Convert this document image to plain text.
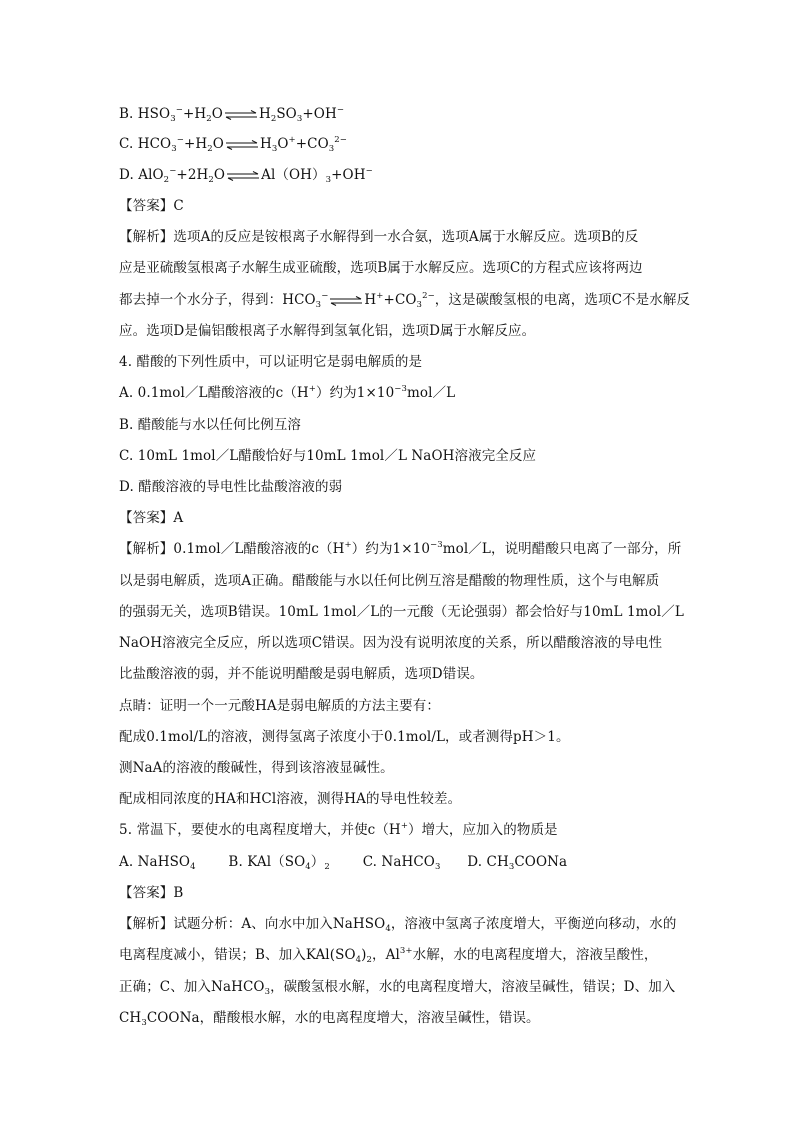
B. $HSO_3^-+H_2O\rightleftharpoons H_2SO_3+OH^-$
C. $HCO_3^-+H_2O\rightleftharpoons H_3O^++CO_3^{2-}$
D. $AlO_2^-+2H_2O\rightleftharpoons Al(OH)_3+OH^-$
【答案】C
【解析】选项A的反应是铵根离子水解得到一水合氨，选项A属于水解反应。选项B的反
应是亚硫酸氢根离子水解生成亚硫酸，选项B属于水解反应。选项C的方程式应该将两边
都去掉一个水分子，得到：$HCO_3^-\rightleftharpoons H^++CO_3^{2-}$，这是碳酸氢根的电离，选项C不是水解反
应。选项D是偏铝酸根离子水解得到氢氧化铝，选项D属于水解反应。
4. 醋酸的下列性质中，可以证明它是弱电解质的是
A. 0.1mol／L醋酸溶液的c（H+）约为$1\times 10^{-3}mol/L$
B. 醋酸能与水以任何比例互溶
C. 10mL 1mol／L醋酸恰好与10mL 1mol／L NaOH溶液完全反应
D. 醋酸溶液的导电性比盐酸溶液的弱
【答案】A
【解析】0.1mol／L醋酸溶液的c（H+）约为$1\times 10^{-3}mol/L$，说明醋酸只电离了一部分，所
以是弱电解质，选项A正确。醋酸能与水以任何比例互溶是醋酸的物理性质，这个与电解质
的强弱无关，选项B错误。10mL 1mol／L的一元酸（无论强弱）都会恰好与10mL 1mol／L
NaOH溶液完全反应，所以选项C错误。因为没有说明浓度的关系，所以醋酸溶液的导电性
比盐酸溶液的弱，并不能说明醋酸是弱电解质，选项D错误。
点睛：证明一个一元酸HA是弱电解质的方法主要有：
配成0.1mol/L的溶液，测得氢离子浓度小于0.1mol/L，或者测得pH＞1。
测NaA的溶液的酸碱性，得到该溶液显碱性。
配成相同浓度的HA和HCl溶液，测得HA的导电性较差。
5. 常温下，要使水的电离程度增大，并使c（H+）增大，应加入的物质是
A. NaHSO$_4$ B. $KAl(SO_4)_2$ C. NaHCO$_3$ D. $CH_3COONa$
【答案】B
【解析】试题分析：A、向水中加入NaHSO$_4$，溶液中氢离子浓度增大，平衡逆向移动，水的
电离程度减小，错误；B、加入$KAl(SO_4)_2$，$Al^{3+}$水解，水的电离程度增大，溶液呈酸性，
正确；C、加入NaHCO$_3$，碳酸氢根水解，水的电离程度增大，溶液呈碱性，错误；D、加入
$CH_3COONa$，醋酸根水解，水的电离程度增大，溶液呈碱性，错误。
